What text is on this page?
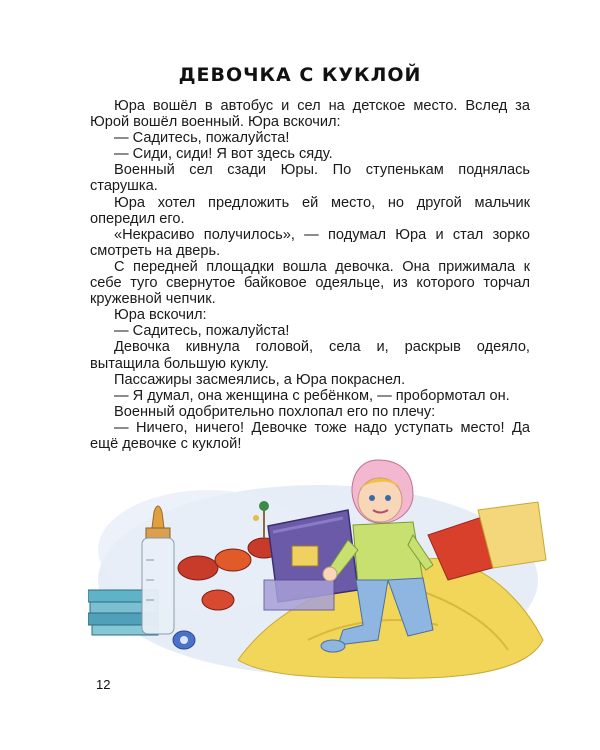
ДЕВОЧКА С КУКЛОЙ

Юра вошёл в автобус и сел на детское место. Вслед за Юрой вошёл военный. Юра вскочил:

— Садитесь, пожалуйста!

— Сиди, сиди! Я вот здесь сяду.

Военный сел сзади Юры. По ступенькам поднялась старушка.

Юра хотел предложить ей место, но другой мальчик опередил его.

«Некрасиво получилось», — подумал Юра и стал зорко смотреть на дверь.

С передней площадки вошла девочка. Она прижимала к себе туго свернутое байковое одеяльце, из которого торчал кружевной чепчик.

Юра вскочил:

— Садитесь, пожалуйста!

Девочка кивнула головой, села и, раскрыв одеяло, вытащила большую куклу.

Пассажиры засмеялись, а Юра покраснел.

— Я думал, она женщина с ребёнком, — пробормотал он.

Военный одобрительно похлопал его по плечу:

— Ничего, ничего! Девочке тоже надо уступать место! Да ещё девочке с куклой!

12
